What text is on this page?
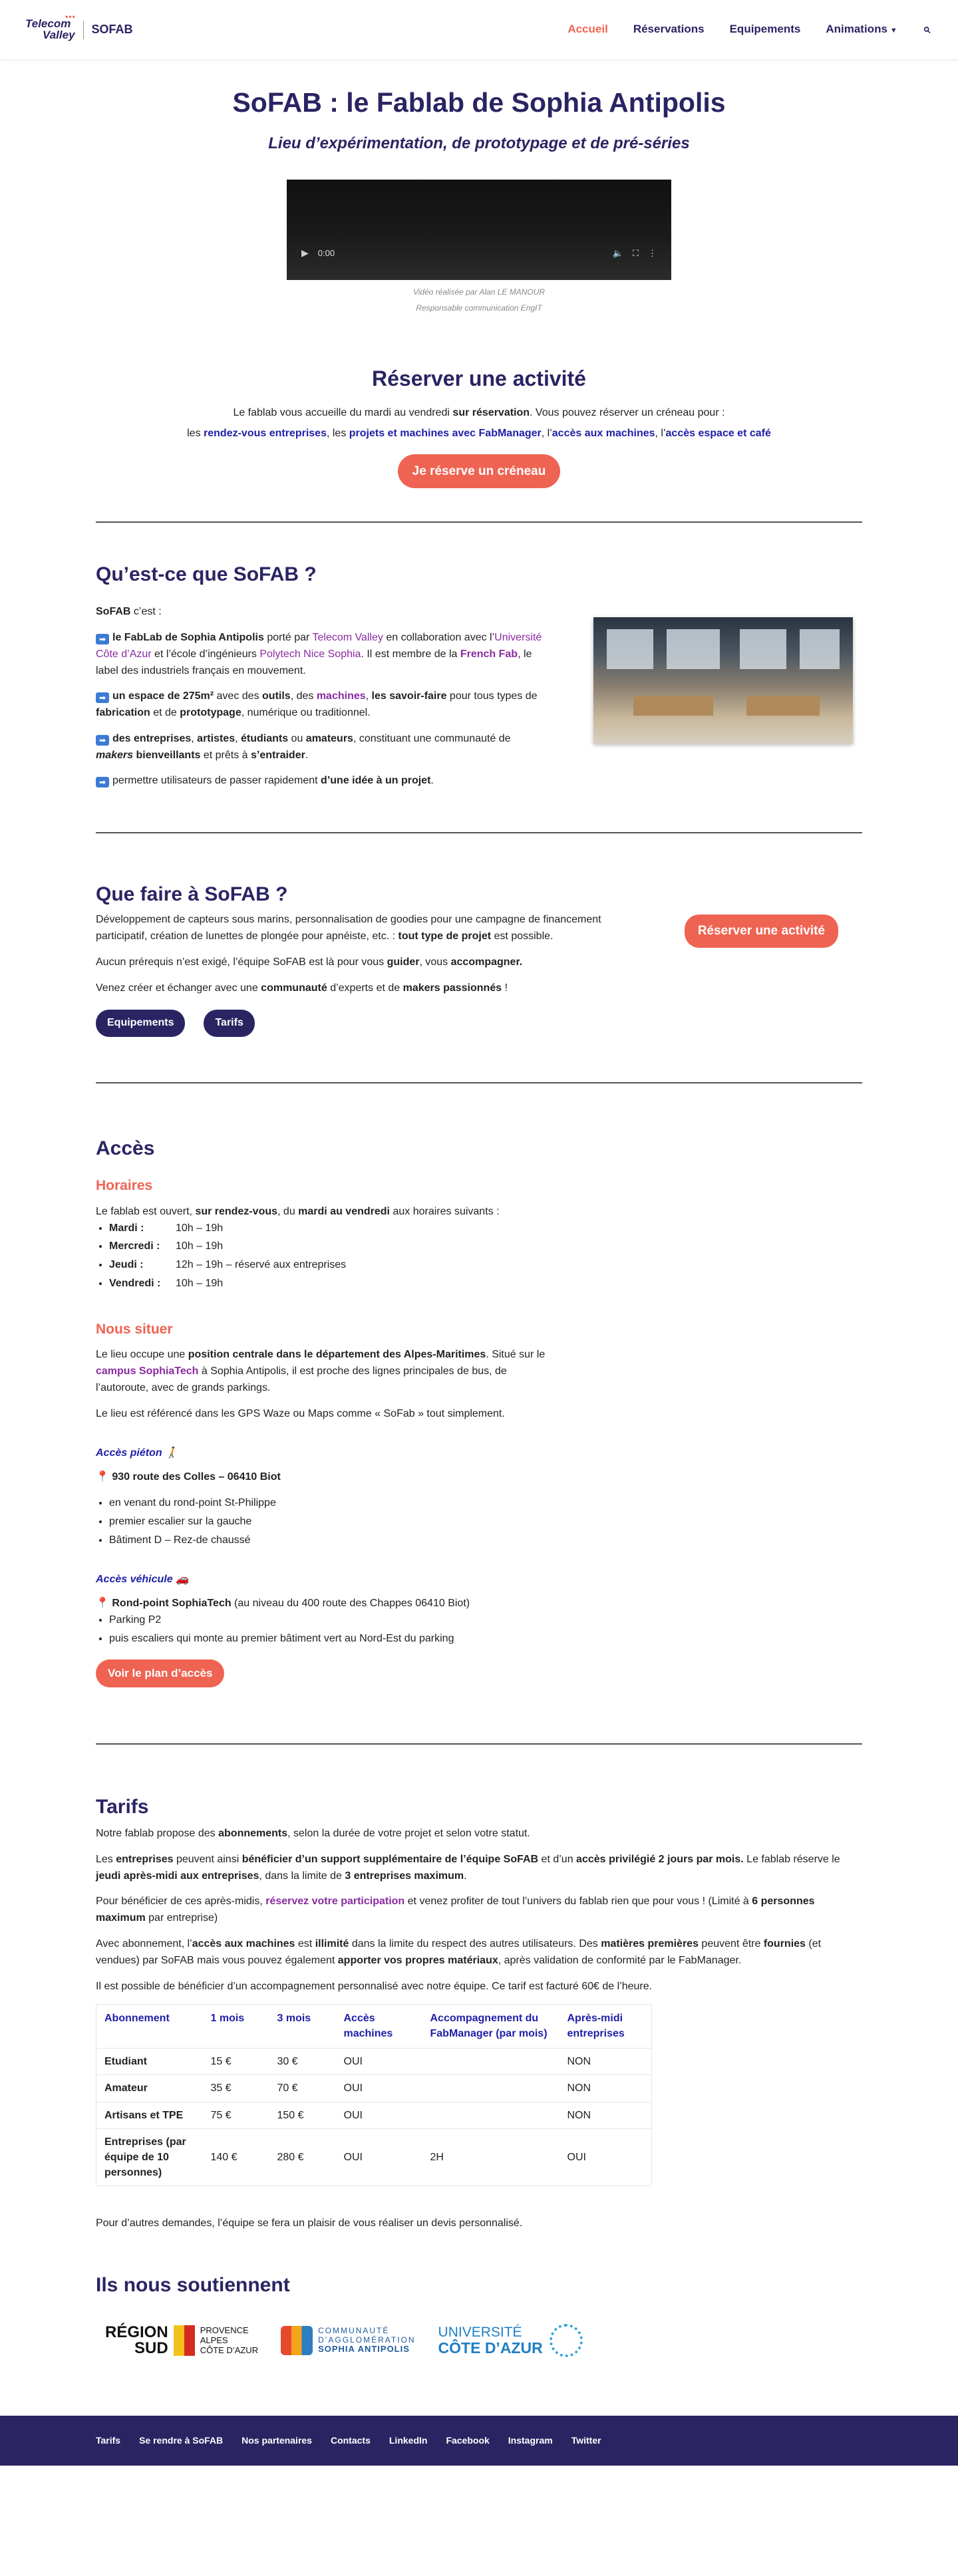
•••
Telecom
Valley SOFAB	Accueil Réservations Equipements Animations ▼ ⌕
SoFAB : le Fablab de Sophia Antipolis
Lieu d’expérimentation, de prototypage et de pré-séries
▶ 0:00	🔈 ⛶ ⋮
Vidéo réalisée par Alan LE MANOUR
Responsable communication EngIT
Réserver une activité
Le fablab vous accueille du mardi au vendredi sur réservation. Vous pouvez réserver un créneau pour :
les rendez-vous entreprises, les projets et machines avec FabManager, l’accès aux machines, l’accès espace et café
Je réserve un créneau
Qu’est-ce que SoFAB ?

SoFAB c’est :

➡ le FabLab de Sophia Antipolis porté par Telecom Valley en collaboration avec l’Université Côte d’Azur et l’école d’ingénieurs Polytech Nice Sophia. Il est membre de la French Fab, le label des industriels français en mouvement.

➡ un espace de 275m² avec des outils, des machines, les savoir-faire pour tous types de fabrication et de prototypage, numérique ou traditionnel.

➡ des entreprises, artistes, étudiants ou amateurs, constituant une communauté de makers bienveillants et prêts à s’entraider.

➡ permettre utilisateurs de passer rapidement d’une idée à un projet.

Que faire à SoFAB ?

Développement de capteurs sous marins, personnalisation de goodies pour une campagne de financement participatif, création de lunettes de plongée pour apnéiste, etc. : tout type de projet est possible.

Aucun prérequis n’est exigé, l’équipe SoFAB est là pour vous guider, vous accompagner.

Venez créer et échanger avec une communauté d’experts et de makers passionnés !

Equipements	Tarifs
Réserver une activité
Accès
Horaires
Le fablab est ouvert, sur rendez-vous, du mardi au vendredi aux horaires suivants :
• Mardi :	10h – 19h
• Mercredi : 10h – 19h
• Jeudi :	12h – 19h – réservé aux entreprises
• Vendredi : 10h – 19h
Nous situer

Le lieu occupe une position centrale dans le département des Alpes-Maritimes. Situé sur le campus SophiaTech à Sophia Antipolis, il est proche des lignes principales de bus, de l’autoroute, avec de grands parkings.

Le lieu est référencé dans les GPS Waze ou Maps comme « SoFab » tout simplement.

Accès piéton 🚶

📍 930 route des Colles – 06410 Biot

• en venant du rond-point St-Philippe
• premier escalier sur la gauche
• Bâtiment D – Rez-de chaussé
Accès véhicule 🚗
📍 Rond-point SophiaTech (au niveau du 400 route des Chappes 06410 Biot)
• Parking P2
• puis escaliers qui monte au premier bâtiment vert au Nord-Est du parking
Voir le plan d’accès
Tarifs

Notre fablab propose des abonnements, selon la durée de votre projet et selon votre statut.

Les entreprises peuvent ainsi bénéficier d’un support supplémentaire de l’équipe SoFAB et d’un accès privilégié 2 jours par mois. Le fablab réserve le jeudi après-midi aux entreprises, dans la limite de 3 entreprises maximum.

Pour bénéficier de ces après-midis, réservez votre participation et venez profiter de tout l’univers du fablab rien que pour vous ! (Limité à 6 personnes maximum par entreprise)

Avec abonnement, l’accès aux machines est illimité dans la limite du respect des autres utilisateurs. Des matières premières peuvent être fournies (et vendues) par SoFAB mais vous pouvez également apporter vos propres matériaux, après validation de conformité par le FabManager.

Il est possible de bénéficier d’un accompagnement personnalisé avec notre équipe. Ce tarif est facturé 60€ de l’heure.

Abonnement	1 mois	3 mois	Accès machines	Accompagnement du FabManager (par mois)	Après-midi entreprises
Etudiant	15 €	30 €	OUI		NON
Amateur	35 €	70 €	OUI		NON
Artisans et TPE	75 €	150 €	OUI		NON
Entreprises (par équipe de 10 personnes)	140 €	280 €	OUI	2H	OUI

Pour d’autres demandes, l’équipe se fera un plaisir de vous réaliser un devis personnalisé.

Ils nous soutiennent
RÉGION
SUD
PROVENCE
ALPES
CÔTE D’AZUR
COMMUNAUTÉ
D’AGGLOMÉRATION
SOPHIA ANTIPOLIS
UNIVERSITÉ
CÔTE D’AZUR
Tarifs Se rendre à SoFAB Nos partenaires Contacts LinkedIn Facebook Instagram Twitter
